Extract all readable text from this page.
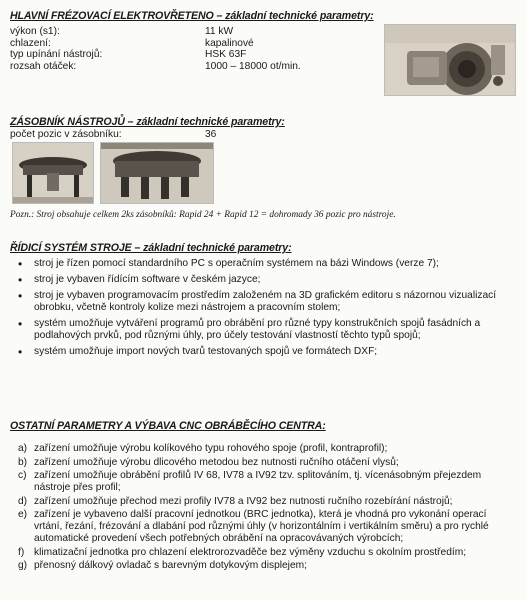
HLAVNÍ FRÉZOVACÍ ELEKTROVŘETENO – základní technické parametry:
výkon (s1):	11 kW
chlazení:	kapalinové
typ upínání nástrojů:	HSK 63F
rozsah otáček:	1000 – 18000 ot/min.
ZÁSOBNÍK NÁSTROJŮ – základní technické parametry:
počet pozic v zásobníku:	36
Pozn.: Stroj obsahuje celkem 2ks zásobníků: Rapid 24 + Rapid 12 = dohromady 36 pozic pro nástroje.
ŘÍDICÍ SYSTÉM STROJE – základní technické parametry:
• stroj je řízen pomocí standardního PC s operačním systémem na bázi Windows (verze 7);
• stroj je vybaven řídícím software v českém jazyce;
• stroj je vybaven programovacím prostředím založeném na 3D grafickém editoru s názornou vizualizací obrobku, včetně kontroly kolize mezi nástrojem a pracovním stolem;
• systém umožňuje vytváření programů pro obrábění pro různé typy konstrukčních spojů fasádních a podlahových prvků, pod různými úhly, pro účely testování vlastností těchto typů spojů;
• systém umožňuje import nových tvarů testovaných spojů ve formátech DXF;
OSTATNÍ PARAMETRY A VÝBAVA CNC OBRÁBĚCÍHO CENTRA:
a) zařízení umožňuje výrobu kolíkového typu rohového spoje (profil, kontraprofil);
b) zařízení umožňuje výrobu dlicového metodou bez nutnosti ručního otáčení vlysů;
c) zařízení umožňuje obrábění profilů IV 68, IV78 a IV92 tzv. splitováním, tj. vícenásobným přejezdem nástroje přes profil;
d) zařízení umožňuje přechod mezi profily IV78 a IV92 bez nutnosti ručního rozebírání nástrojů;
e) zařízení je vybaveno další pracovní jednotkou (BRC jednotka), která je vhodná pro vykonání operací vrtání, řezání, frézování a dlabání pod různými úhly (v horizontálním i vertikálním směru) a pro rychlé automatické provedení všech potřebných obrábění na opracovávaných výrobcích;
f) klimatizační jednotka pro chlazení elektrorozvaděče bez výměny vzduchu s okolním prostředím;
g) přenosný dálkový ovladač s barevným dotykovým displejem;
